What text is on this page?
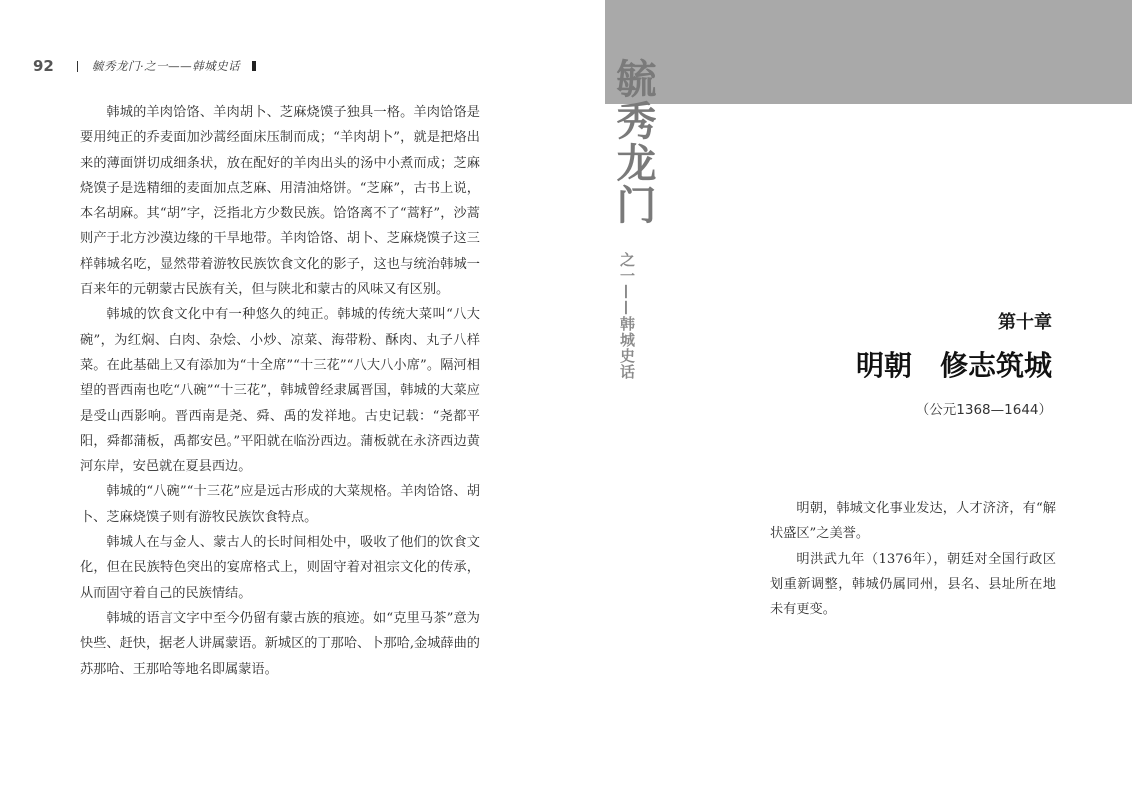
92	毓秀龙门·之一——韩城史话

韩城的羊肉饸饹、羊肉胡卜、芝麻烧馍子独具一格。羊肉饸饹是要用纯正的乔麦面加沙蒿经面床压制而成；“羊肉胡卜”，就是把烙出来的薄面饼切成细条状，放在配好的羊肉出头的汤中小煮而成；芝麻烧馍子是选精细的麦面加点芝麻、用清油烙饼。“芝麻”，古书上说，本名胡麻。其“胡”字，泛指北方少数民族。饸饹离不了“蒿籽”，沙蒿则产于北方沙漠边缘的干旱地带。羊肉饸饹、胡卜、芝麻烧馍子这三样韩城名吃，显然带着游牧民族饮食文化的影子，这也与统治韩城一百来年的元朝蒙古民族有关，但与陕北和蒙古的风味又有区别。

韩城的饮食文化中有一种悠久的纯正。韩城的传统大菜叫“八大碗”，为红焖、白肉、杂烩、小炒、凉菜、海带粉、酥肉、丸子八样菜。在此基础上又有添加为“十全席”“十三花”“八大八小席”。隔河相望的晋西南也吃“八碗”“十三花”，韩城曾经隶属晋国，韩城的大菜应是受山西影响。晋西南是尧、舜、禹的发祥地。古史记载：“尧都平阳，舜都蒲板，禹都安邑。”平阳就在临汾西边。蒲板就在永济西边黄河东岸，安邑就在夏县西边。

韩城的“八碗”“十三花”应是远古形成的大菜规格。羊肉饸饹、胡卜、芝麻烧馍子则有游牧民族饮食特点。

韩城人在与金人、蒙古人的长时间相处中，吸收了他们的饮食文化，但在民族特色突出的宴席格式上，则固守着对祖宗文化的传承，从而固守着自己的民族情结。

韩城的语言文字中至今仍留有蒙古族的痕迹。如“克里马茶”意为快些、赶快，据老人讲属蒙语。新城区的丁那哈、卜那哈,金城薛曲的苏那哈、王那哈等地名即属蒙语。

毓秀龙门
之一——韩城史话	第十章
明朝　修志筑城
（公元1368—1644）

明朝，韩城文化事业发达，人才济济，有“解状盛区”之美誉。

明洪武九年（1376年），朝廷对全国行政区划重新调整，韩城仍属同州，县名、县址所在地未有更变。
